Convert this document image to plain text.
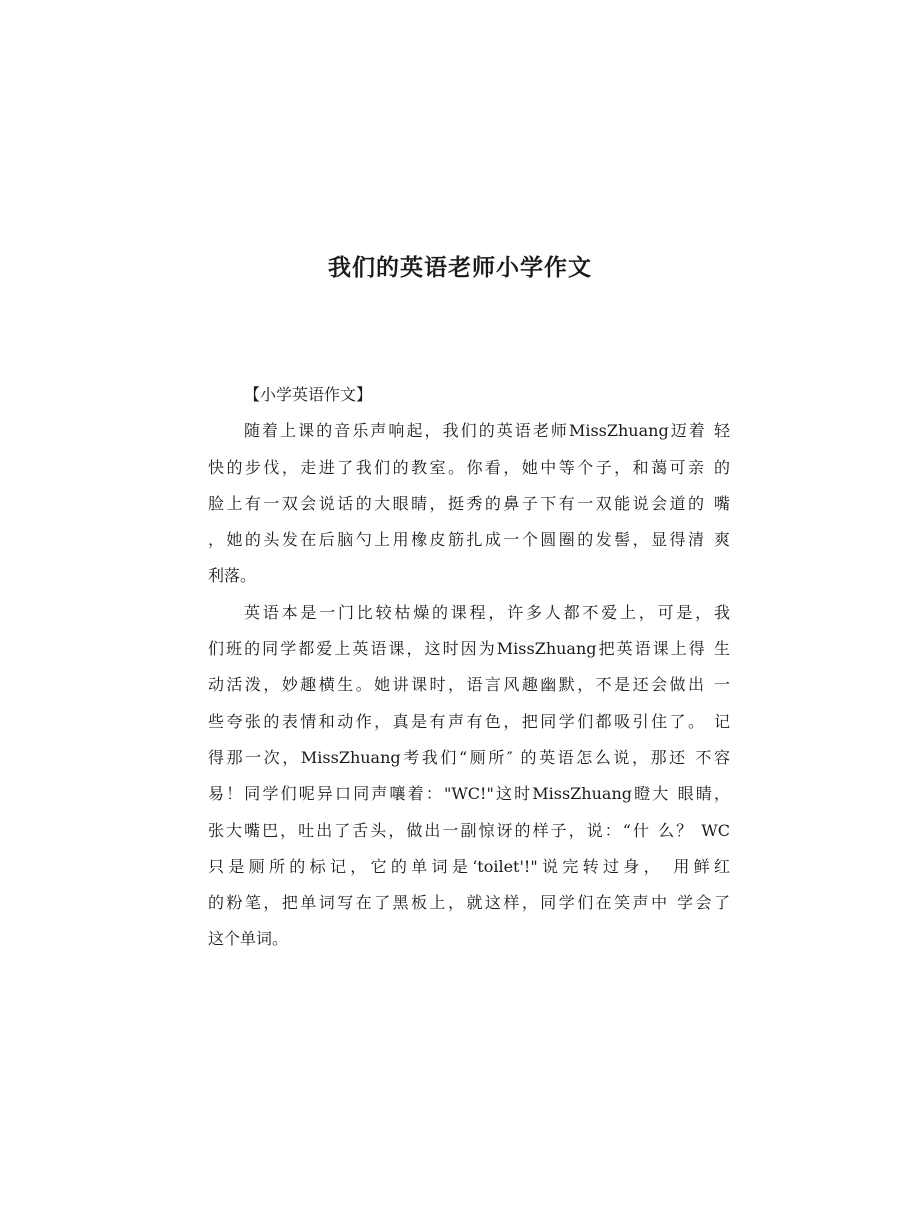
我们的英语老师小学作文
【小学英语作文】
随着上课的音乐声响起，我们的英语老师MissZhuang迈着 轻
快的步伐，走进了我们的教室。你看，她中等个子，和蔼可亲 的
脸上有一双会说话的大眼睛，挺秀的鼻子下有一双能说会道的 嘴
，她的头发在后脑勺上用橡皮筋扎成一个圆圈的发髻，显得清 爽
利落。
英语本是一门比较枯燥的课程，许多人都不爱上，可是，我
们班的同学都爱上英语课，这时因为MissZhuang把英语课上得 生
动活泼，妙趣横生。她讲课时，语言风趣幽默，不是还会做出 一
些夸张的表情和动作，真是有声有色，把同学们都吸引住了。 记
得那一次，MissZhuang考我们“厕所″ 的英语怎么说，那还 不容
易！同学们呢异口同声嚷着："WC!"这时MissZhuang瞪大 眼睛，
张大嘴巴，吐出了舌头，做出一副惊讶的样子，说：“什 么？ WC
只是厕所的标记，它的单词是‘toilet'!"说完转过身， 用鲜红
的粉笔，把单词写在了黑板上，就这样，同学们在笑声中 学会了
这个单词。
